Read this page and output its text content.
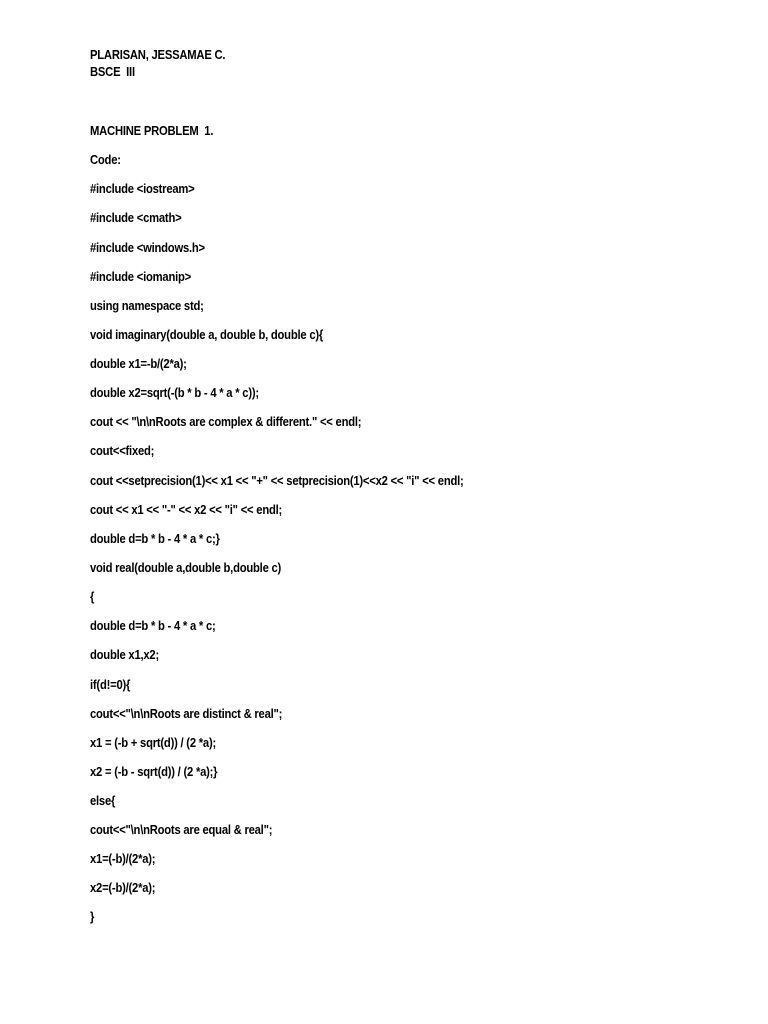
PLARISAN, JESSAMAE C.
BSCE  III
MACHINE PROBLEM  1.
Code:
#include <iostream>
#include <cmath>
#include <windows.h>
#include <iomanip>
using namespace std;
void imaginary(double a, double b, double c){
double x1=-b/(2*a);
double x2=sqrt(-(b * b - 4 * a * c));
cout << "\n\nRoots are complex & different." << endl;
cout<<fixed;
cout <<setprecision(1)<< x1 << "+" << setprecision(1)<<x2 << "i" << endl;
cout << x1 << "-" << x2 << "i" << endl;
double d=b * b - 4 * a * c;}
void real(double a,double b,double c)
{
double d=b * b - 4 * a * c;
double x1,x2;
if(d!=0){
cout<<"\n\nRoots are distinct & real";
x1 = (-b + sqrt(d)) / (2 *a);
x2 = (-b - sqrt(d)) / (2 *a);}
else{
cout<<"\n\nRoots are equal & real";
x1=(-b)/(2*a);
x2=(-b)/(2*a);
}
